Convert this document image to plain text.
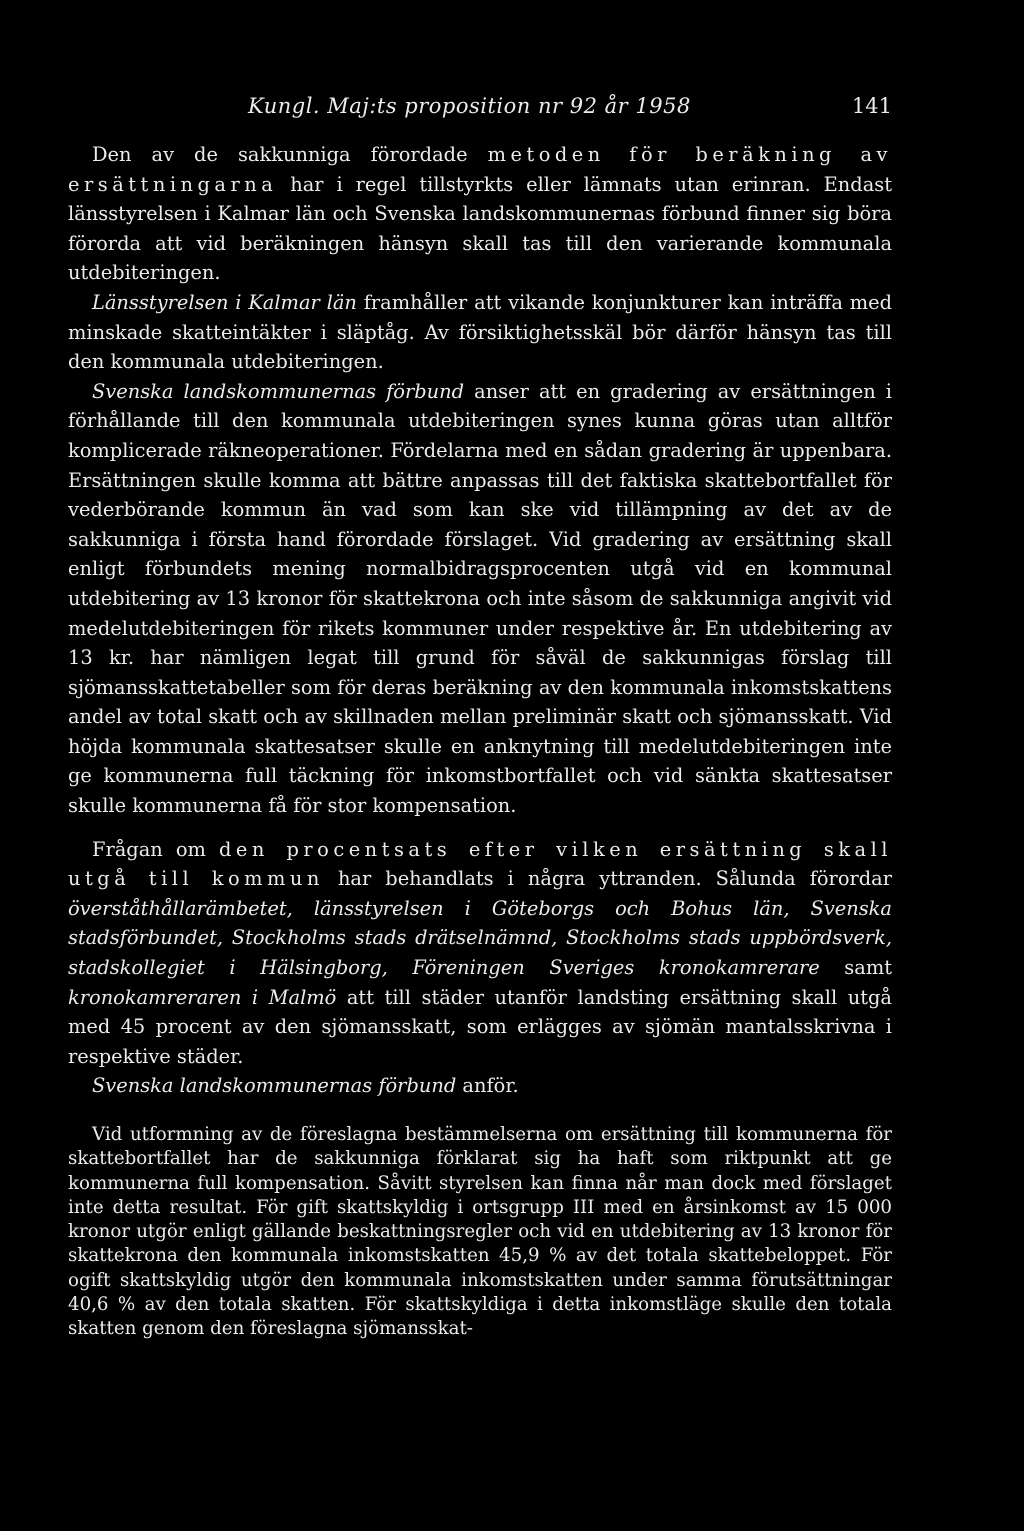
Kungl. Maj:ts proposition nr 92 år 1958	141

Den av de sakkunniga förordade metoden för beräkning av ersättningarna har i regel tillstyrkts eller lämnats utan erinran. Endast länsstyrelsen i Kalmar län och Svenska landskommunernas förbund finner sig böra förorda att vid beräkningen hänsyn skall tas till den varierande kommunala utdebiteringen.

Länsstyrelsen i Kalmar län framhåller att vikande konjunkturer kan inträffa med minskade skatteintäkter i släptåg. Av försiktighetsskäl bör därför hänsyn tas till den kommunala utdebiteringen.

Svenska landskommunernas förbund anser att en gradering av ersättningen i förhållande till den kommunala utdebiteringen synes kunna göras utan alltför komplicerade räkneoperationer. Fördelarna med en sådan gradering är uppenbara. Ersättningen skulle komma att bättre anpassas till det faktiska skattebortfallet för vederbörande kommun än vad som kan ske vid tillämpning av det av de sakkunniga i första hand förordade förslaget. Vid gradering av ersättning skall enligt förbundets mening normalbidragsprocenten utgå vid en kommunal utdebitering av 13 kronor för skattekrona och inte såsom de sakkunniga angivit vid medelutdebiteringen för rikets kommuner under respektive år. En utdebitering av 13 kr. har nämligen legat till grund för såväl de sakkunnigas förslag till sjömansskattetabeller som för deras beräkning av den kommunala inkomstskattens andel av total skatt och av skillnaden mellan preliminär skatt och sjömansskatt. Vid höjda kommunala skattesatser skulle en anknytning till medelutdebiteringen inte ge kommunerna full täckning för inkomstbortfallet och vid sänkta skattesatser skulle kommunerna få för stor kompensation.

Frågan om den procentsats efter vilken ersättning skall utgå till kommun har behandlats i några yttranden. Sålunda förordar överståthållarämbetet, länsstyrelsen i Göteborgs och Bohus län, Svenska stadsförbundet, Stockholms stads drätselnämnd, Stockholms stads uppbördsverk, stadskollegiet i Hälsingborg, Föreningen Sveriges kronokamrerare samt kronokamreraren i Malmö att till städer utanför landsting ersättning skall utgå med 45 procent av den sjömansskatt, som erlägges av sjömän mantalsskrivna i respektive städer.

Svenska landskommunernas förbund anför.

Vid utformning av de föreslagna bestämmelserna om ersättning till kommunerna för skattebortfallet har de sakkunniga förklarat sig ha haft som riktpunkt att ge kommunerna full kompensation. Såvitt styrelsen kan finna når man dock med förslaget inte detta resultat. För gift skattskyldig i ortsgrupp III med en årsinkomst av 15 000 kronor utgör enligt gällande beskattningsregler och vid en utdebitering av 13 kronor för skattekrona den kommunala inkomstskatten 45,9 % av det totala skattebeloppet. För ogift skattskyldig utgör den kommunala inkomstskatten under samma förutsättningar 40,6 % av den totala skatten. För skattskyldiga i detta inkomstläge skulle den totala skatten genom den föreslagna sjömansskat-
